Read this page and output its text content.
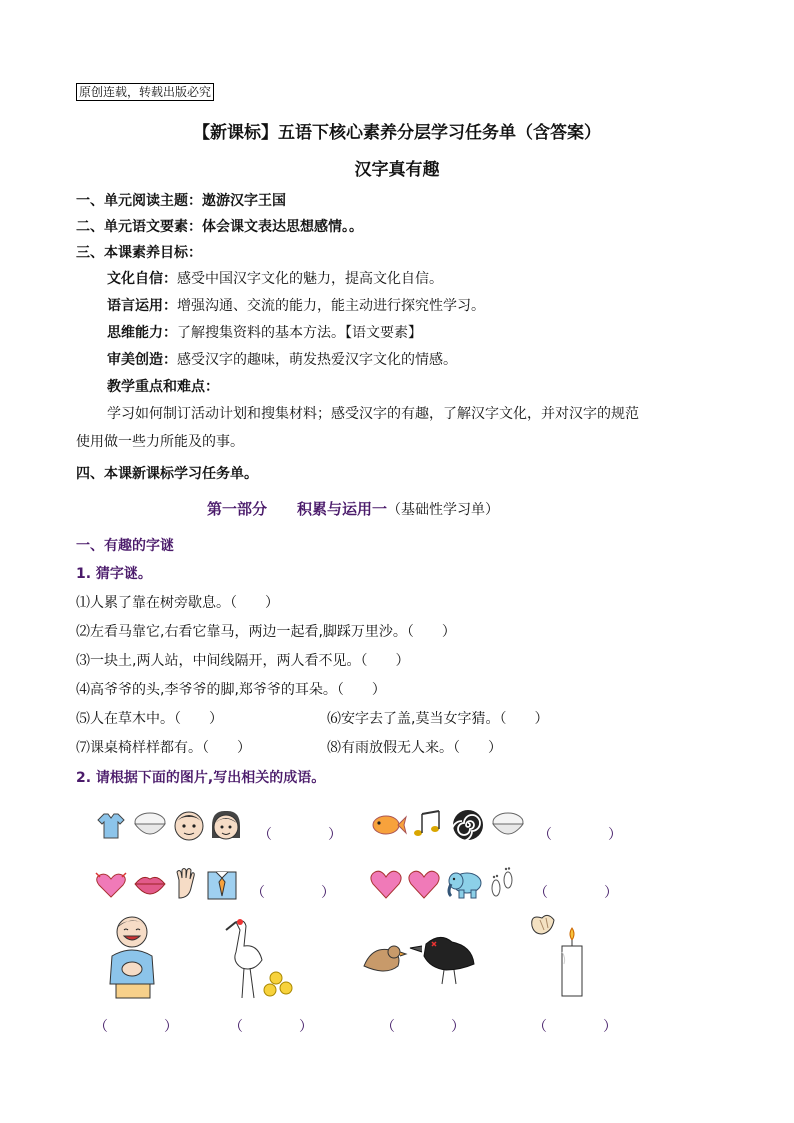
原创连载，转载出版必究
【新课标】五语下核心素养分层学习任务单（含答案）
汉字真有趣
一、单元阅读主题：遨游汉字王国
二、单元语文要素：体会课文表达思想感情。。
三、本课素养目标：
文化自信：感受中国汉字文化的魅力，提高文化自信。
语言运用：增强沟通、交流的能力，能主动进行探究性学习。
思维能力：了解搜集资料的基本方法。【语文要素】
审美创造：感受汉字的趣味，萌发热爱汉字文化的情感。
教学重点和难点：
学习如何制订活动计划和搜集材料；感受汉字的有趣，了解汉字文化，并对汉字的规范
使用做一些力所能及的事。
四、本课新课标学习任务单。
第一部分　　积累与运用一（基础性学习单）
一、有趣的字谜
1. 猜字谜。
⑴人累了靠在树旁歇息。（　　）
⑵左看马靠它,右看它靠马，两边一起看,脚踩万里沙。（　　）
⑶一块土,两人站，中间线隔开，两人看不见。（　　）
⑷高爷爷的头,李爷爷的脚,郑爷爷的耳朵。（　　）
⑸人在草木中。（　　）	⑹安字去了盖,莫当女字猜。（　　）
⑺课桌椅样样都有。（　　）	⑻有雨放假无人来。（　　）
2. 请根据下面的图片,写出相关的成语。
（　　　　）	（　　　　）
（　　　　）	（　　　　）
（　　　　）	（　　　　）	（　　　　）	（　　　　）
